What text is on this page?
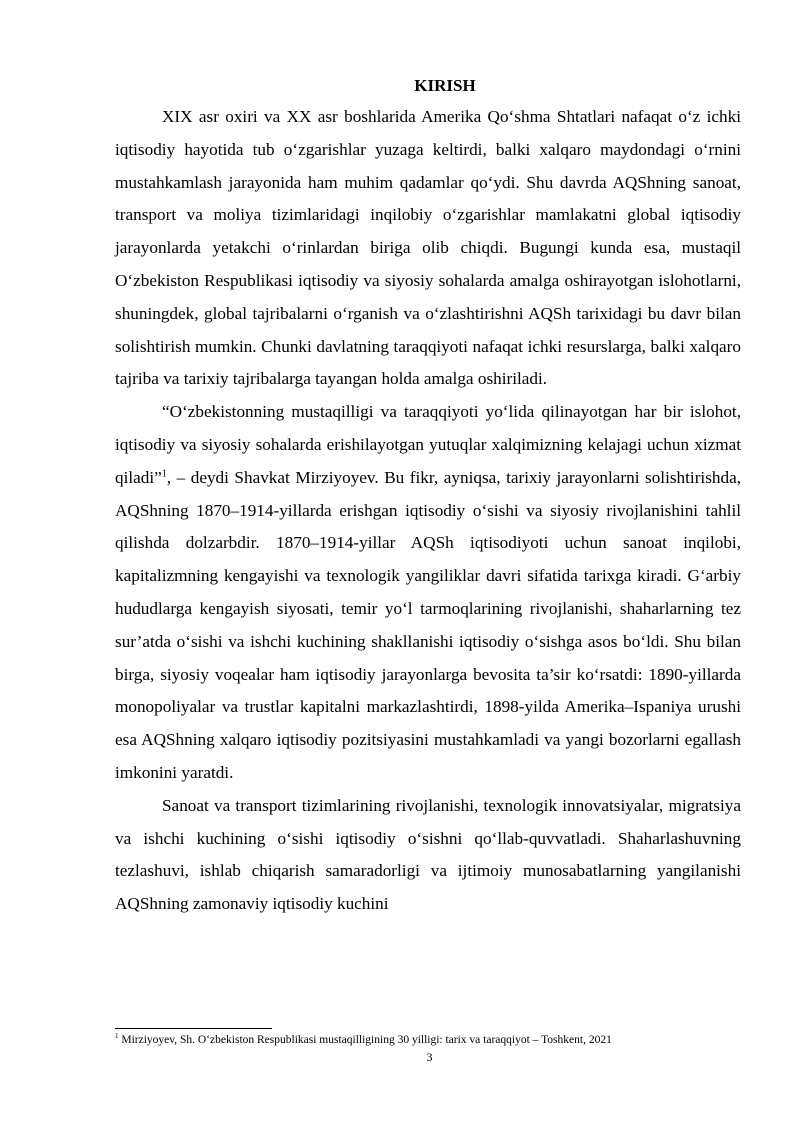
KIRISH

XIX asr oxiri va XX asr boshlarida Amerika Qo‘shma Shtatlari nafaqat o‘z ichki iqtisodiy hayotida tub o‘zgarishlar yuzaga keltirdi, balki xalqaro maydondagi o‘rnini mustahkamlash jarayonida ham muhim qadamlar qo‘ydi. Shu davrda AQShning sanoat, transport va moliya tizimlaridagi inqilobiy o‘zgarishlar mamlakatni global iqtisodiy jarayonlarda yetakchi o‘rinlardan biriga olib chiqdi. Bugungi kunda esa, mustaqil O‘zbekiston Respublikasi iqtisodiy va siyosiy sohalarda amalga oshirayotgan islohotlarni, shuningdek, global tajribalarni o‘rganish va o‘zlashtirishni AQSh tarixidagi bu davr bilan solishtirish mumkin. Chunki davlatning taraqqiyoti nafaqat ichki resurslarga, balki xalqaro tajriba va tarixiy tajribalarga tayangan holda amalga oshiriladi.

“O‘zbekistonning mustaqilligi va taraqqiyoti yo‘lida qilinayotgan har bir islohot, iqtisodiy va siyosiy sohalarda erishilayotgan yutuqlar xalqimizning kelajagi uchun xizmat qiladi”$^1$, – deydi Shavkat Mirziyoyev. Bu fikr, ayniqsa, tarixiy jarayonlarni solishtirishda, AQShning 1870–1914-yillarda erishgan iqtisodiy o‘sishi va siyosiy rivojlanishini tahlil qilishda dolzarbdir. 1870–1914-yillar AQSh iqtisodiyoti uchun sanoat inqilobi, kapitalizmning kengayishi va texnologik yangiliklar davri sifatida tarixga kiradi. G‘arbiy hududlarga kengayish siyosati, temir yo‘l tarmoqlarining rivojlanishi, shaharlarning tez sur’atda o‘sishi va ishchi kuchining shakllanishi iqtisodiy o‘sishga asos bo‘ldi. Shu bilan birga, siyosiy voqealar ham iqtisodiy jarayonlarga bevosita ta’sir ko‘rsatdi: 1890-yillarda monopoliyalar va trustlar kapitalni markazlashtirdi, 1898-yilda Amerika–Ispaniya urushi esa AQShning xalqaro iqtisodiy pozitsiyasini mustahkamladi va yangi bozorlarni egallash imkonini yaratdi.

Sanoat va transport tizimlarining rivojlanishi, texnologik innovatsiyalar, migratsiya va ishchi kuchining o‘sishi iqtisodiy o‘sishni qo‘llab-quvvatladi. Shaharlashuvning tezlashuvi, ishlab chiqarish samaradorligi va ijtimoiy munosabatlarning yangilanishi AQShning zamonaviy iqtisodiy kuchini

$^1$ Mirziyoyev, Sh. O‘zbekiston Respublikasi mustaqilligining 30 yilligi: tarix va taraqqiyot – Toshkent, 2021
3
